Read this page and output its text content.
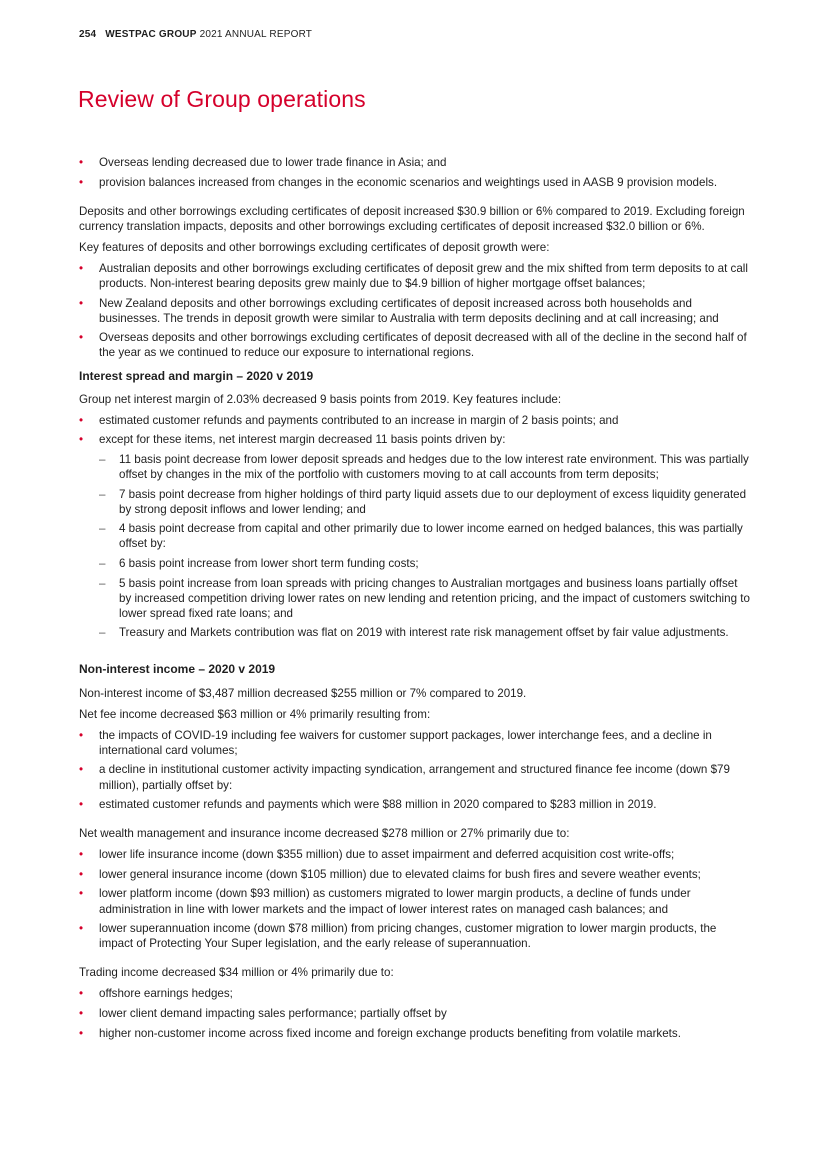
254 WESTPAC GROUP 2021 ANNUAL REPORT
Review of Group operations
• Overseas lending decreased due to lower trade finance in Asia; and
• provision balances increased from changes in the economic scenarios and weightings used in AASB 9 provision models.

Deposits and other borrowings excluding certificates of deposit increased $30.9 billion or 6% compared to 2019. Excluding foreign currency translation impacts, deposits and other borrowings excluding certificates of deposit increased $32.0 billion or 6%.

Key features of deposits and other borrowings excluding certificates of deposit growth were:

• Australian deposits and other borrowings excluding certificates of deposit grew and the mix shifted from term deposits to at call products. Non-interest bearing deposits grew mainly due to $4.9 billion of higher mortgage offset balances;
• New Zealand deposits and other borrowings excluding certificates of deposit increased across both households and businesses. The trends in deposit growth were similar to Australia with term deposits declining and at call increasing; and
• Overseas deposits and other borrowings excluding certificates of deposit decreased with all of the decline in the second half of the year as we continued to reduce our exposure to international regions.
Interest spread and margin – 2020 v 2019

Group net interest margin of 2.03% decreased 9 basis points from 2019. Key features include:

• estimated customer refunds and payments contributed to an increase in margin of 2 basis points; and
• except for these items, net interest margin decreased 11 basis points driven by:
– 11 basis point decrease from lower deposit spreads and hedges due to the low interest rate environment. This was partially offset by changes in the mix of the portfolio with customers moving to at call accounts from term deposits;
– 7 basis point decrease from higher holdings of third party liquid assets due to our deployment of excess liquidity generated by strong deposit inflows and lower lending; and
– 4 basis point decrease from capital and other primarily due to lower income earned on hedged balances, this was partially offset by:
– 6 basis point increase from lower short term funding costs;
– 5 basis point increase from loan spreads with pricing changes to Australian mortgages and business loans partially offset by increased competition driving lower rates on new lending and retention pricing, and the impact of customers switching to lower spread fixed rate loans; and
– Treasury and Markets contribution was flat on 2019 with interest rate risk management offset by fair value adjustments.
Non-interest income – 2020 v 2019

Non-interest income of $3,487 million decreased $255 million or 7% compared to 2019.

Net fee income decreased $63 million or 4% primarily resulting from:

• the impacts of COVID-19 including fee waivers for customer support packages, lower interchange fees, and a decline in international card volumes;
• a decline in institutional customer activity impacting syndication, arrangement and structured finance fee income (down $79 million), partially offset by:
• estimated customer refunds and payments which were $88 million in 2020 compared to $283 million in 2019.

Net wealth management and insurance income decreased $278 million or 27% primarily due to:

• lower life insurance income (down $355 million) due to asset impairment and deferred acquisition cost write-offs;
• lower general insurance income (down $105 million) due to elevated claims for bush fires and severe weather events;
• lower platform income (down $93 million) as customers migrated to lower margin products, a decline of funds under administration in line with lower markets and the impact of lower interest rates on managed cash balances; and
• lower superannuation income (down $78 million) from pricing changes, customer migration to lower margin products, the impact of Protecting Your Super legislation, and the early release of superannuation.

Trading income decreased $34 million or 4% primarily due to:

• offshore earnings hedges;
• lower client demand impacting sales performance; partially offset by
• higher non-customer income across fixed income and foreign exchange products benefiting from volatile markets.
